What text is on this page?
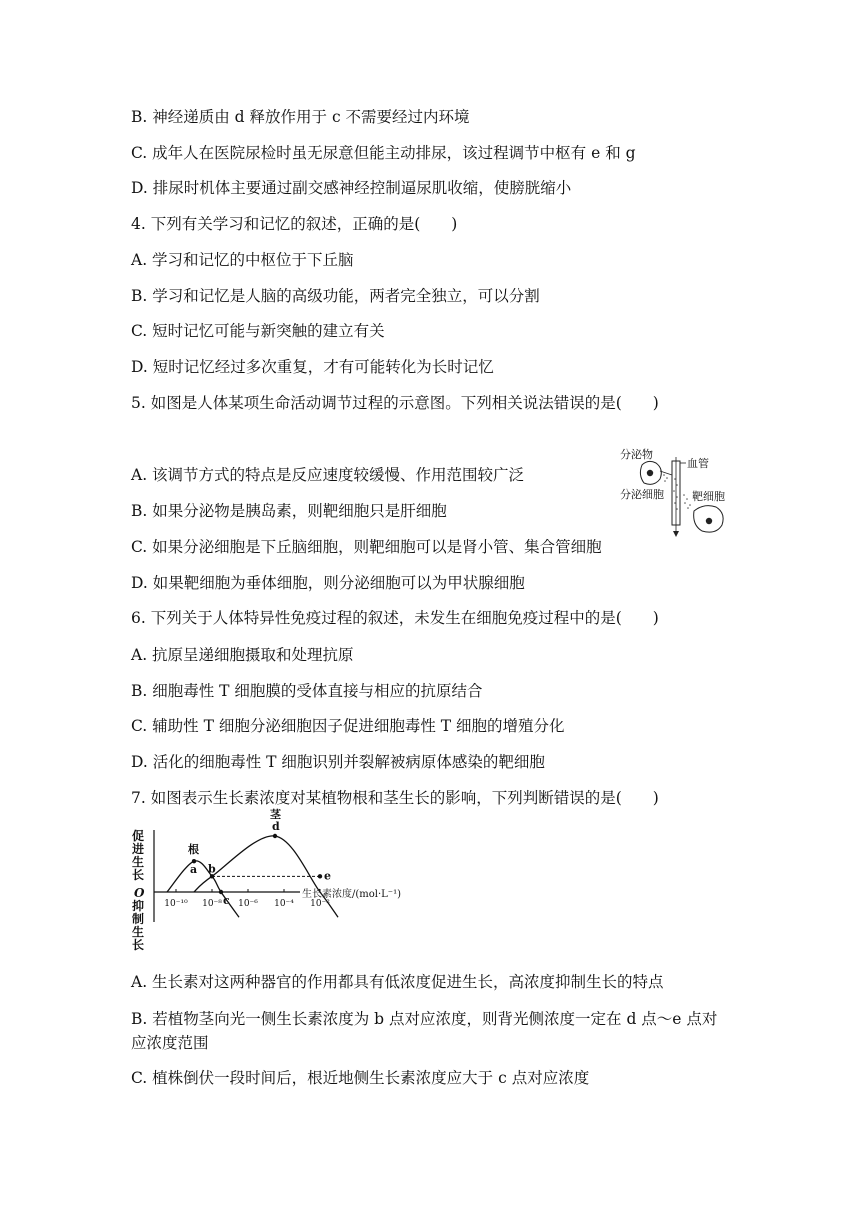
B. 神经递质由 d 释放作用于 c 不需要经过内环境
C. 成年人在医院尿检时虽无尿意但能主动排尿，该过程调节中枢有 e 和 g
D. 排尿时机体主要通过副交感神经控制逼尿肌收缩，使膀胱缩小
4. 下列有关学习和记忆的叙述，正确的是(　　)
A. 学习和记忆的中枢位于下丘脑
B. 学习和记忆是人脑的高级功能，两者完全独立，可以分割
C. 短时记忆可能与新突触的建立有关
D. 短时记忆经过多次重复，才有可能转化为长时记忆
5. 如图是人体某项生命活动调节过程的示意图。下列相关说法错误的是(　　)
A. 该调节方式的特点是反应速度较缓慢、作用范围较广泛
B. 如果分泌物是胰岛素，则靶细胞只是肝细胞
C. 如果分泌细胞是下丘脑细胞，则靶细胞可以是肾小管、集合管细胞
D. 如果靶细胞为垂体细胞，则分泌细胞可以为甲状腺细胞
分泌物
分泌细胞
血管
靶细胞
6. 下列关于人体特异性免疫过程的叙述，未发生在细胞免疫过程中的是(　　)
A. 抗原呈递细胞摄取和处理抗原
B. 细胞毒性 T 细胞膜的受体直接与相应的抗原结合
C. 辅助性 T 细胞分泌细胞因子促进细胞毒性 T 细胞的增殖分化
D. 活化的细胞毒性 T 细胞识别并裂解被病原体感染的靶细胞
7. 如图表示生长素浓度对某植物根和茎生长的影响，下列判断错误的是(　　)
促
进
生
长
O
抑
制
生
长
生长素浓度/(mol·L⁻¹)
10⁻¹⁰ 10⁻⁸ 10⁻⁶ 10⁻⁴ 10⁻²
a b
c
d
e
根
茎
A. 生长素对这两种器官的作用都具有低浓度促进生长，高浓度抑制生长的特点
B. 若植物茎向光一侧生长素浓度为 b 点对应浓度，则背光侧浓度一定在 d 点～e 点对应浓度范围
C. 植株倒伏一段时间后，根近地侧生长素浓度应大于 c 点对应浓度
